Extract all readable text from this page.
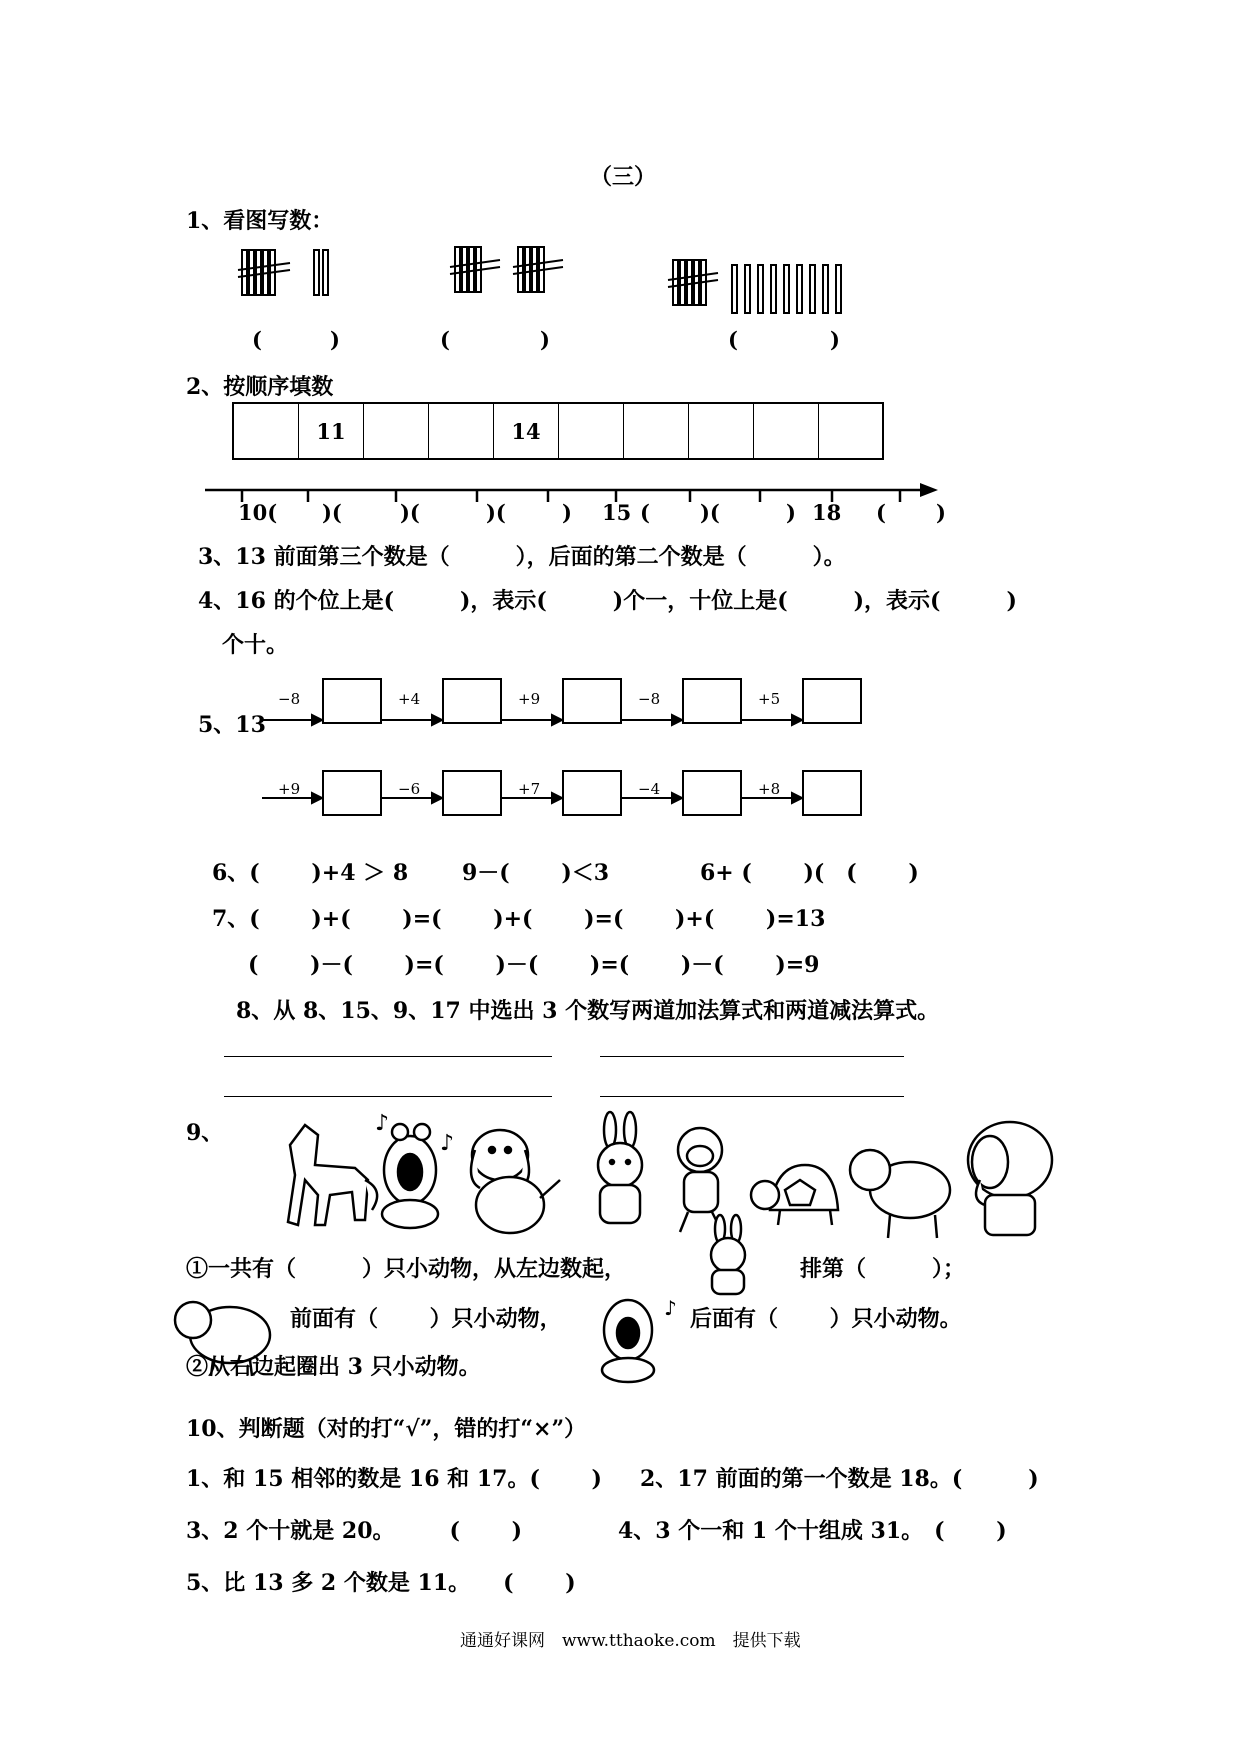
（三）
1、看图写数：
(	)	(	)	(	)
2、按顺序填数
11	14
10( )(	)(	)(	) 15 ( )(	) 18 ( )
3、13 前面第三个数是（　　　），后面的第二个数是（　　　）。
4、16 的个位上是(　　　)，表示(　　　)个一，十位上是(　　　)，表示(　　　)
个十。
5、13
−8	+4	+9	−8	+5
+9	−6	+7	−4	+8
6、(　　 )+4 ＞ 8 9－(　　 )＜3	6+ (　　 )(　(　　 )
7、(　　 )+(　　 )=(　　 )+(　　 )=(　　 )+(　　 )=13
(　　 )－(　　 )=(　　 )－(　　 )=(　　 )－(　　 )=9
8、从 8、15、9、17 中选出 3 个数写两道加法算式和两道减法算式。
9、	♪
♪
①一共有（　　　）只小动物，从左边数起，	排第（　　　）；
前面有（　　 ）只小动物，	♪ 后面有（　　 ）只小动物。
②从右边起圈出 3 只小动物。
10、判断题（对的打“√”，错的打“×”）
1、和 15 相邻的数是 16 和 17。(　　 ) 2、17 前面的第一个数是 18。(　　　)
3、2 个十就是 20。　　　(　　 )	4、3 个一和 1 个十组成 31。　(　　 )
5、比 13 多 2 个数是 11。　　(　　 )
通通好课网　www.tthaoke.com　提供下载
